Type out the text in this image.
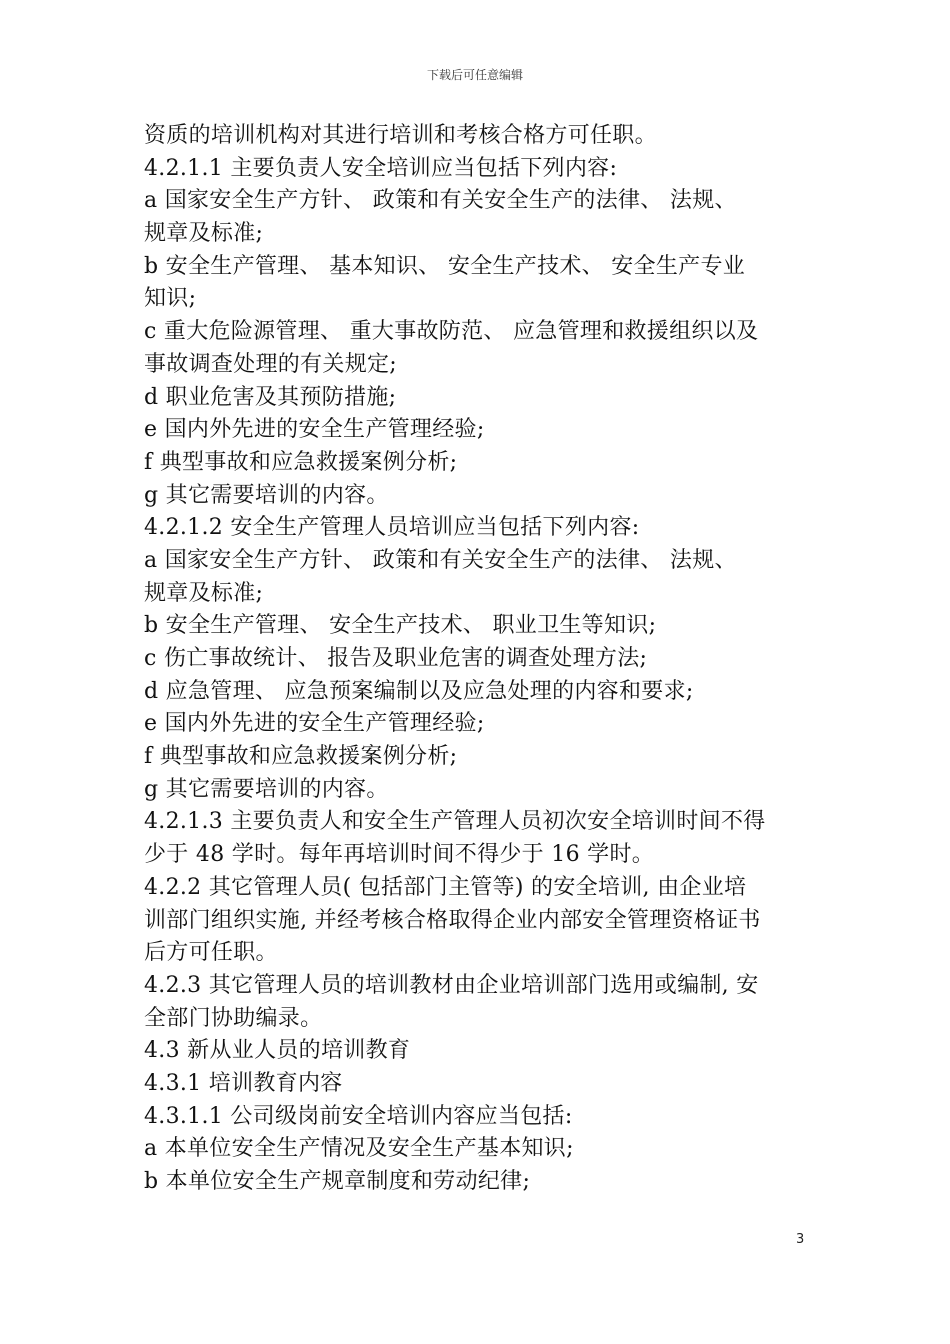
下载后可任意编辑
资质的培训机构对其进行培训和考核合格方可任职。
4.2.1.1 主要负责人安全培训应当包括下列内容:
a 国家安全生产方针、 政策和有关安全生产的法律、 法规、
规章及标准;
b 安全生产管理、 基本知识、 安全生产技术、 安全生产专业
知识;
c 重大危险源管理、 重大事故防范、 应急管理和救援组织以及
事故调查处理的有关规定;
d 职业危害及其预防措施;
e 国内外先进的安全生产管理经验;
f 典型事故和应急救援案例分析;
g 其它需要培训的内容。
4.2.1.2 安全生产管理人员培训应当包括下列内容:
a 国家安全生产方针、 政策和有关安全生产的法律、 法规、
规章及标准;
b 安全生产管理、 安全生产技术、 职业卫生等知识;
c 伤亡事故统计、 报告及职业危害的调查处理方法;
d 应急管理、 应急预案编制以及应急处理的内容和要求;
e 国内外先进的安全生产管理经验;
f 典型事故和应急救援案例分析;
g 其它需要培训的内容。
4.2.1.3 主要负责人和安全生产管理人员初次安全培训时间不得
少于 48 学时。每年再培训时间不得少于 16 学时。
4.2.2 其它管理人员( 包括部门主管等) 的安全培训, 由企业培
训部门组织实施, 并经考核合格取得企业内部安全管理资格证书
后方可任职。
4.2.3 其它管理人员的培训教材由企业培训部门选用或编制, 安
全部门协助编录。
4.3 新从业人员的培训教育
4.3.1 培训教育内容
4.3.1.1 公司级岗前安全培训内容应当包括:
a 本单位安全生产情况及安全生产基本知识;
b 本单位安全生产规章制度和劳动纪律;
3
